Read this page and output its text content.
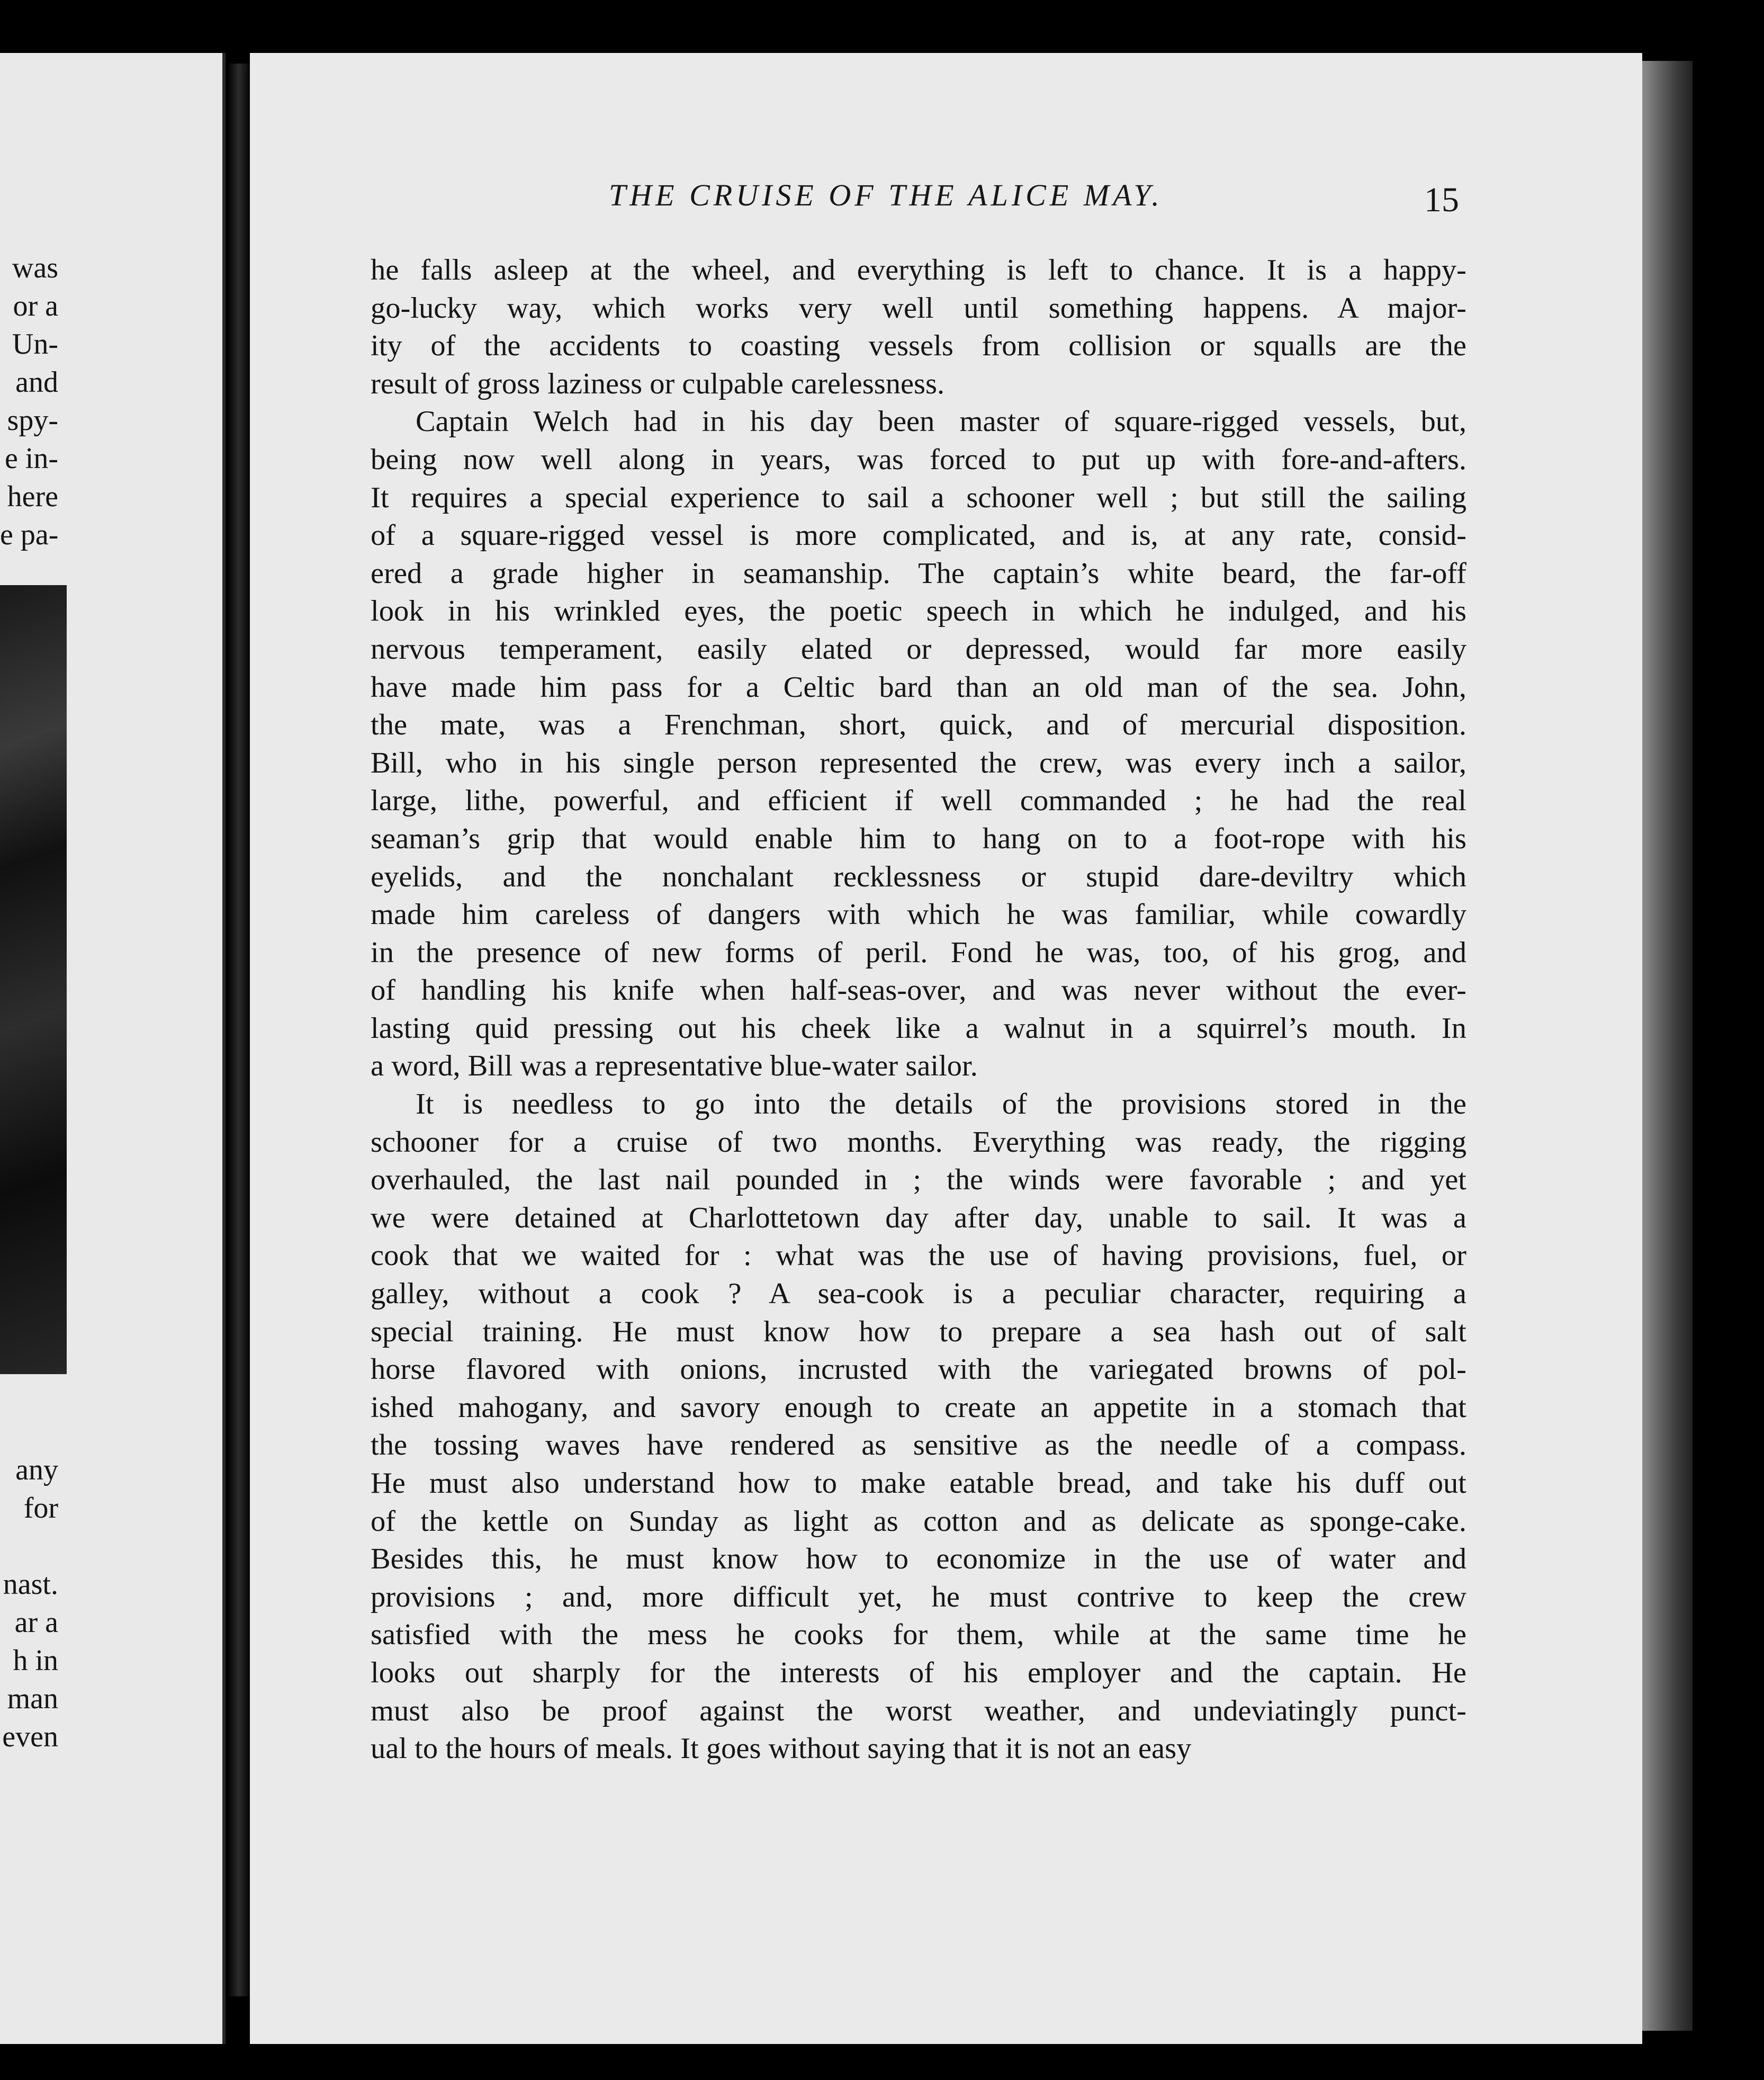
was
or a
Un-
and
spy-
e in-
here
e pa-
any
for
nast.
ar a
h in
man
even
THE CRUISE OF THE ALICE MAY.	15
he falls asleep at the wheel, and everything is left to chance. It is a happy-
go-lucky way, which works very well until something happens. A major-
ity of the accidents to coasting vessels from collision or squalls are the
result of gross laziness or culpable carelessness.
Captain Welch had in his day been master of square-rigged vessels, but,
being now well along in years, was forced to put up with fore-and-afters.
It requires a special experience to sail a schooner well ; but still the sailing
of a square-rigged vessel is more complicated, and is, at any rate, consid-
ered a grade higher in seamanship. The captain’s white beard, the far-off
look in his wrinkled eyes, the poetic speech in which he indulged, and his
nervous temperament, easily elated or depressed, would far more easily
have made him pass for a Celtic bard than an old man of the sea. John,
the mate, was a Frenchman, short, quick, and of mercurial disposition.
Bill, who in his single person represented the crew, was every inch a sailor,
large, lithe, powerful, and efficient if well commanded ; he had the real
seaman’s grip that would enable him to hang on to a foot-rope with his
eyelids, and the nonchalant recklessness or stupid dare-deviltry which
made him careless of dangers with which he was familiar, while cowardly
in the presence of new forms of peril. Fond he was, too, of his grog, and
of handling his knife when half-seas-over, and was never without the ever-
lasting quid pressing out his cheek like a walnut in a squirrel’s mouth. In
a word, Bill was a representative blue-water sailor.
It is needless to go into the details of the provisions stored in the
schooner for a cruise of two months. Everything was ready, the rigging
overhauled, the last nail pounded in ; the winds were favorable ; and yet
we were detained at Charlottetown day after day, unable to sail. It was a
cook that we waited for : what was the use of having provisions, fuel, or
galley, without a cook ? A sea-cook is a peculiar character, requiring a
special training. He must know how to prepare a sea hash out of salt
horse flavored with onions, incrusted with the variegated browns of pol-
ished mahogany, and savory enough to create an appetite in a stomach that
the tossing waves have rendered as sensitive as the needle of a compass.
He must also understand how to make eatable bread, and take his duff out
of the kettle on Sunday as light as cotton and as delicate as sponge-cake.
Besides this, he must know how to economize in the use of water and
provisions ; and, more difficult yet, he must contrive to keep the crew
satisfied with the mess he cooks for them, while at the same time he
looks out sharply for the interests of his employer and the captain. He
must also be proof against the worst weather, and undeviatingly punct-
ual to the hours of meals. It goes without saying that it is not an easy
